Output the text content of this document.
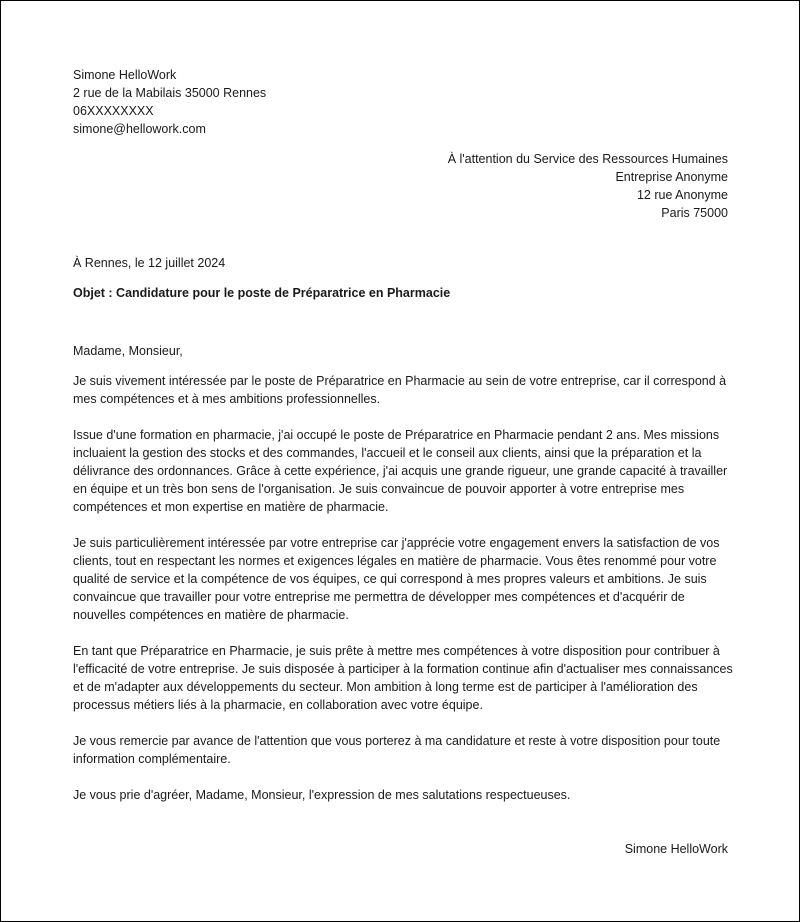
Simone HelloWork
2 rue de la Mabilais 35000 Rennes
06XXXXXXXX
simone@hellowork.com
À l'attention du Service des Ressources Humaines
Entreprise Anonyme
12 rue Anonyme
Paris 75000
À Rennes, le 12 juillet 2024
Objet : Candidature pour le poste de Préparatrice en Pharmacie

Madame, Monsieur,

Je suis vivement intéressée par le poste de Préparatrice en Pharmacie au sein de votre entreprise, car il correspond à mes compétences et à mes ambitions professionnelles.

Issue d'une formation en pharmacie, j'ai occupé le poste de Préparatrice en Pharmacie pendant 2 ans. Mes missions incluaient la gestion des stocks et des commandes, l'accueil et le conseil aux clients, ainsi que la préparation et la délivrance des ordonnances. Grâce à cette expérience, j'ai acquis une grande rigueur, une grande capacité à travailler en équipe et un très bon sens de l'organisation. Je suis convaincue de pouvoir apporter à votre entreprise mes compétences et mon expertise en matière de pharmacie.

Je suis particulièrement intéressée par votre entreprise car j'apprécie votre engagement envers la satisfaction de vos clients, tout en respectant les normes et exigences légales en matière de pharmacie. Vous êtes renommé pour votre qualité de service et la compétence de vos équipes, ce qui correspond à mes propres valeurs et ambitions. Je suis convaincue que travailler pour votre entreprise me permettra de développer mes compétences et d'acquérir de nouvelles compétences en matière de pharmacie.

En tant que Préparatrice en Pharmacie, je suis prête à mettre mes compétences à votre disposition pour contribuer à l'efficacité de votre entreprise. Je suis disposée à participer à la formation continue afin d'actualiser mes connaissances et de m'adapter aux développements du secteur. Mon ambition à long terme est de participer à l'amélioration des processus métiers liés à la pharmacie, en collaboration avec votre équipe.

Je vous remercie par avance de l'attention que vous porterez à ma candidature et reste à votre disposition pour toute information complémentaire.

Je vous prie d'agréer, Madame, Monsieur, l'expression de mes salutations respectueuses.

Simone HelloWork
